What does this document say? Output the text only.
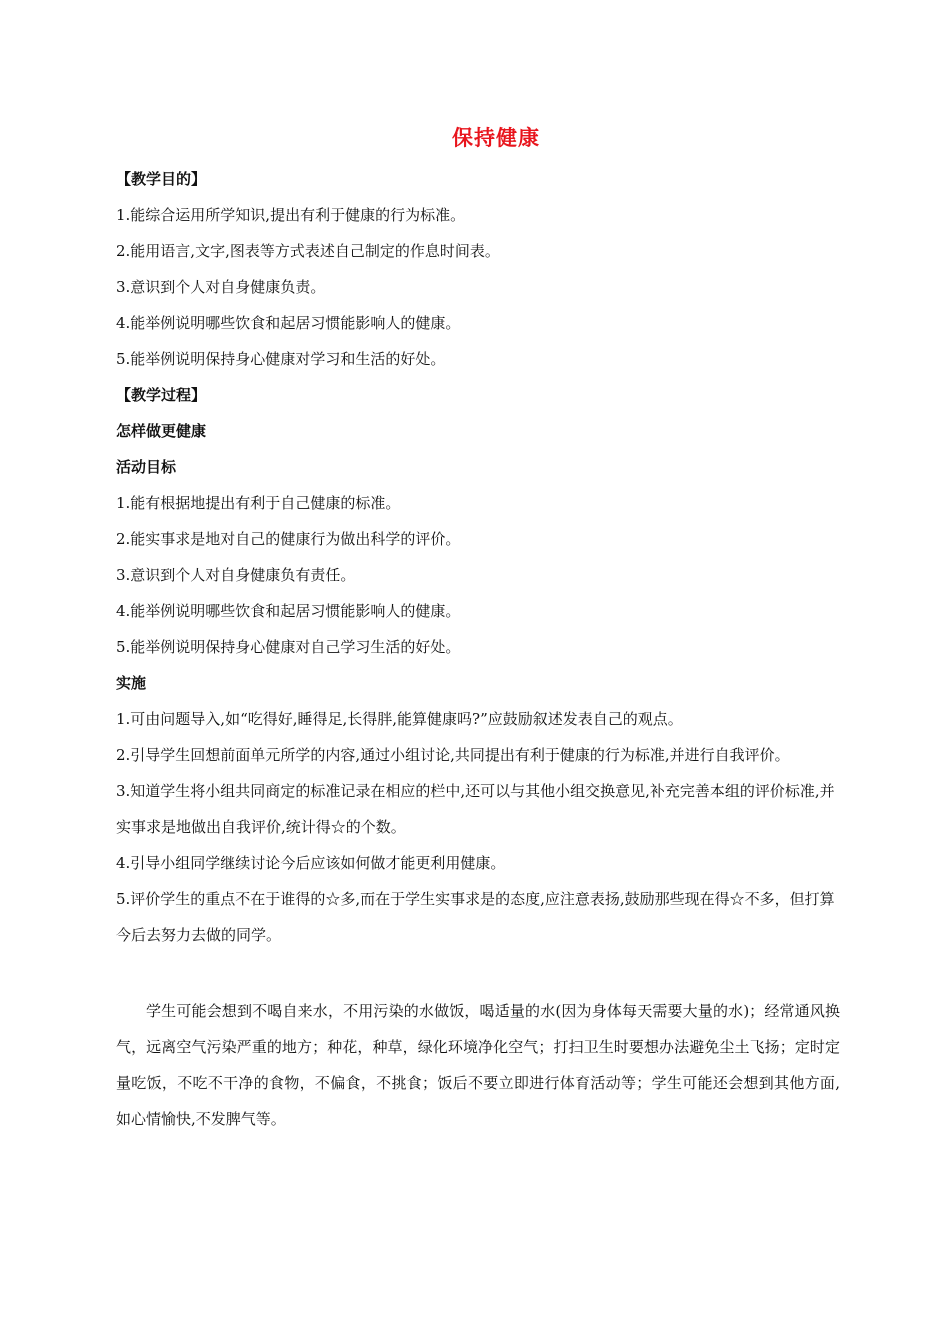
保持健康
【教学目的】
1.能综合运用所学知识,提出有利于健康的行为标准。
2.能用语言,文字,图表等方式表述自己制定的作息时间表。
3.意识到个人对自身健康负责。
4.能举例说明哪些饮食和起居习惯能影响人的健康。
5.能举例说明保持身心健康对学习和生活的好处。
【教学过程】
怎样做更健康
活动目标
1.能有根据地提出有利于自己健康的标准。
2.能实事求是地对自己的健康行为做出科学的评价。
3.意识到个人对自身健康负有责任。
4.能举例说明哪些饮食和起居习惯能影响人的健康。
5.能举例说明保持身心健康对自己学习生活的好处。
实施
1.可由问题导入,如“吃得好,睡得足,长得胖,能算健康吗?”应鼓励叙述发表自己的观点。
2.引导学生回想前面单元所学的内容,通过小组讨论,共同提出有利于健康的行为标准,并进行自我评价。
3.知道学生将小组共同商定的标准记录在相应的栏中,还可以与其他小组交换意见,补充完善本组的评价标准,并实事求是地做出自我评价,统计得☆的个数。
4.引导小组同学继续讨论今后应该如何做才能更利用健康。
5.评价学生的重点不在于谁得的☆多,而在于学生实事求是的态度,应注意表扬,鼓励那些现在得☆不多，但打算今后去努力去做的同学。
学生可能会想到不喝自来水，不用污染的水做饭，喝适量的水(因为身体每天需要大量的水)；经常通风换气，远离空气污染严重的地方；种花，种草，绿化环境净化空气；打扫卫生时要想办法避免尘土飞扬；定时定量吃饭，不吃不干净的食物，不偏食，不挑食；饭后不要立即进行体育活动等；学生可能还会想到其他方面,如心情愉快,不发脾气等。
